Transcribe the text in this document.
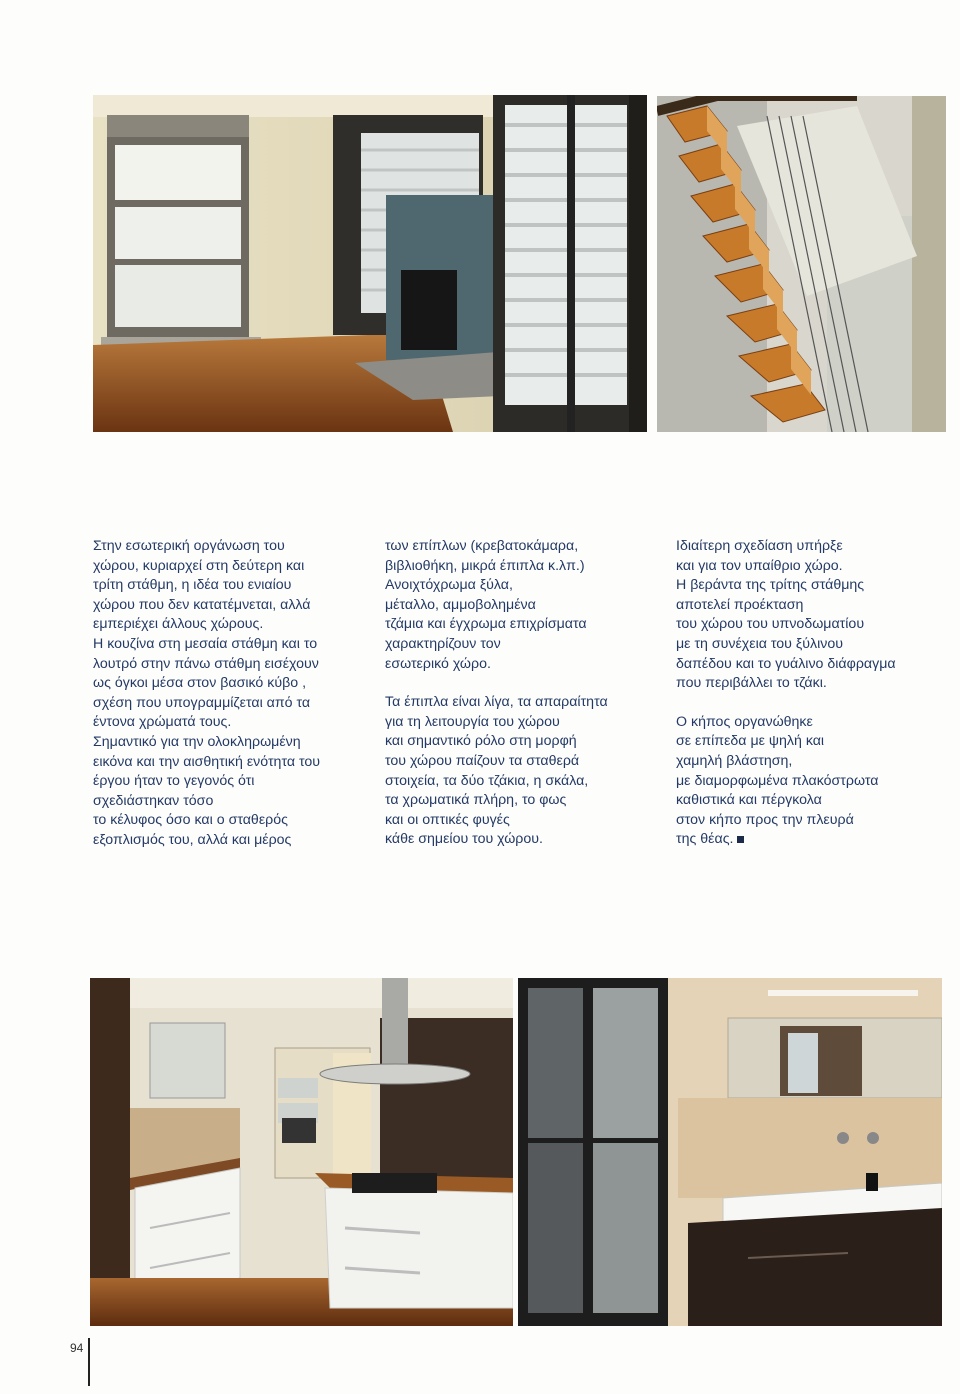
Στην εσωτερική οργάνωση του
χώρου, κυριαρχεί στη δεύτερη και
τρίτη στάθμη, η ιδέα του ενιαίου
χώρου που δεν κατατέμνεται, αλλά
εμπεριέχει άλλους χώρους.
Η κουζίνα στη μεσαία στάθμη και το
λουτρό στην πάνω στάθμη εισέχουν
ως όγκοι μέσα στον βασικό κύβο ,
σχέση που υπογραμμίζεται από τα
έντονα χρώματά τους.
Σημαντικό για την ολοκληρωμένη
εικόνα και την αισθητική ενότητα του
έργου ήταν το γεγονός ότι
σχεδιάστηκαν τόσο
το κέλυφος όσο και ο σταθερός
εξοπλισμός του, αλλά και μέρος

των επίπλων (κρεβατοκάμαρα,
βιβλιοθήκη, μικρά έπιπλα κ.λπ.)
Ανοιχτόχρωμα ξύλα,
μέταλλο, αμμοβολημένα
τζάμια και έγχρωμα επιχρίσματα
χαρακτηρίζουν τον
εσωτερικό χώρο.

Τα έπιπλα είναι λίγα, τα απαραίτητα
για τη λειτουργία του χώρου
και σημαντικό ρόλο στη μορφή
του χώρου παίζουν τα σταθερά
στοιχεία, τα δύο τζάκια, η σκάλα,
τα χρωματικά πλήρη, το φως
και οι οπτικές φυγές
κάθε σημείου του χώρου.

Ιδιαίτερη σχεδίαση υπήρξε
και για τον υπαίθριο χώρο.
Η βεράντα της τρίτης στάθμης
αποτελεί προέκταση
του χώρου του υπνοδωματίου
με τη συνέχεια του ξύλινου
δαπέδου και το γυάλινο διάφραγμα
που περιβάλλει το τζάκι.

Ο κήπος οργανώθηκε
σε επίπεδα με ψηλή και
χαμηλή βλάστηση,
με διαμορφωμένα πλακόστρωτα
καθιστικά και πέργκολα
στον κήπο προς την πλευρά
της θέας.

94
